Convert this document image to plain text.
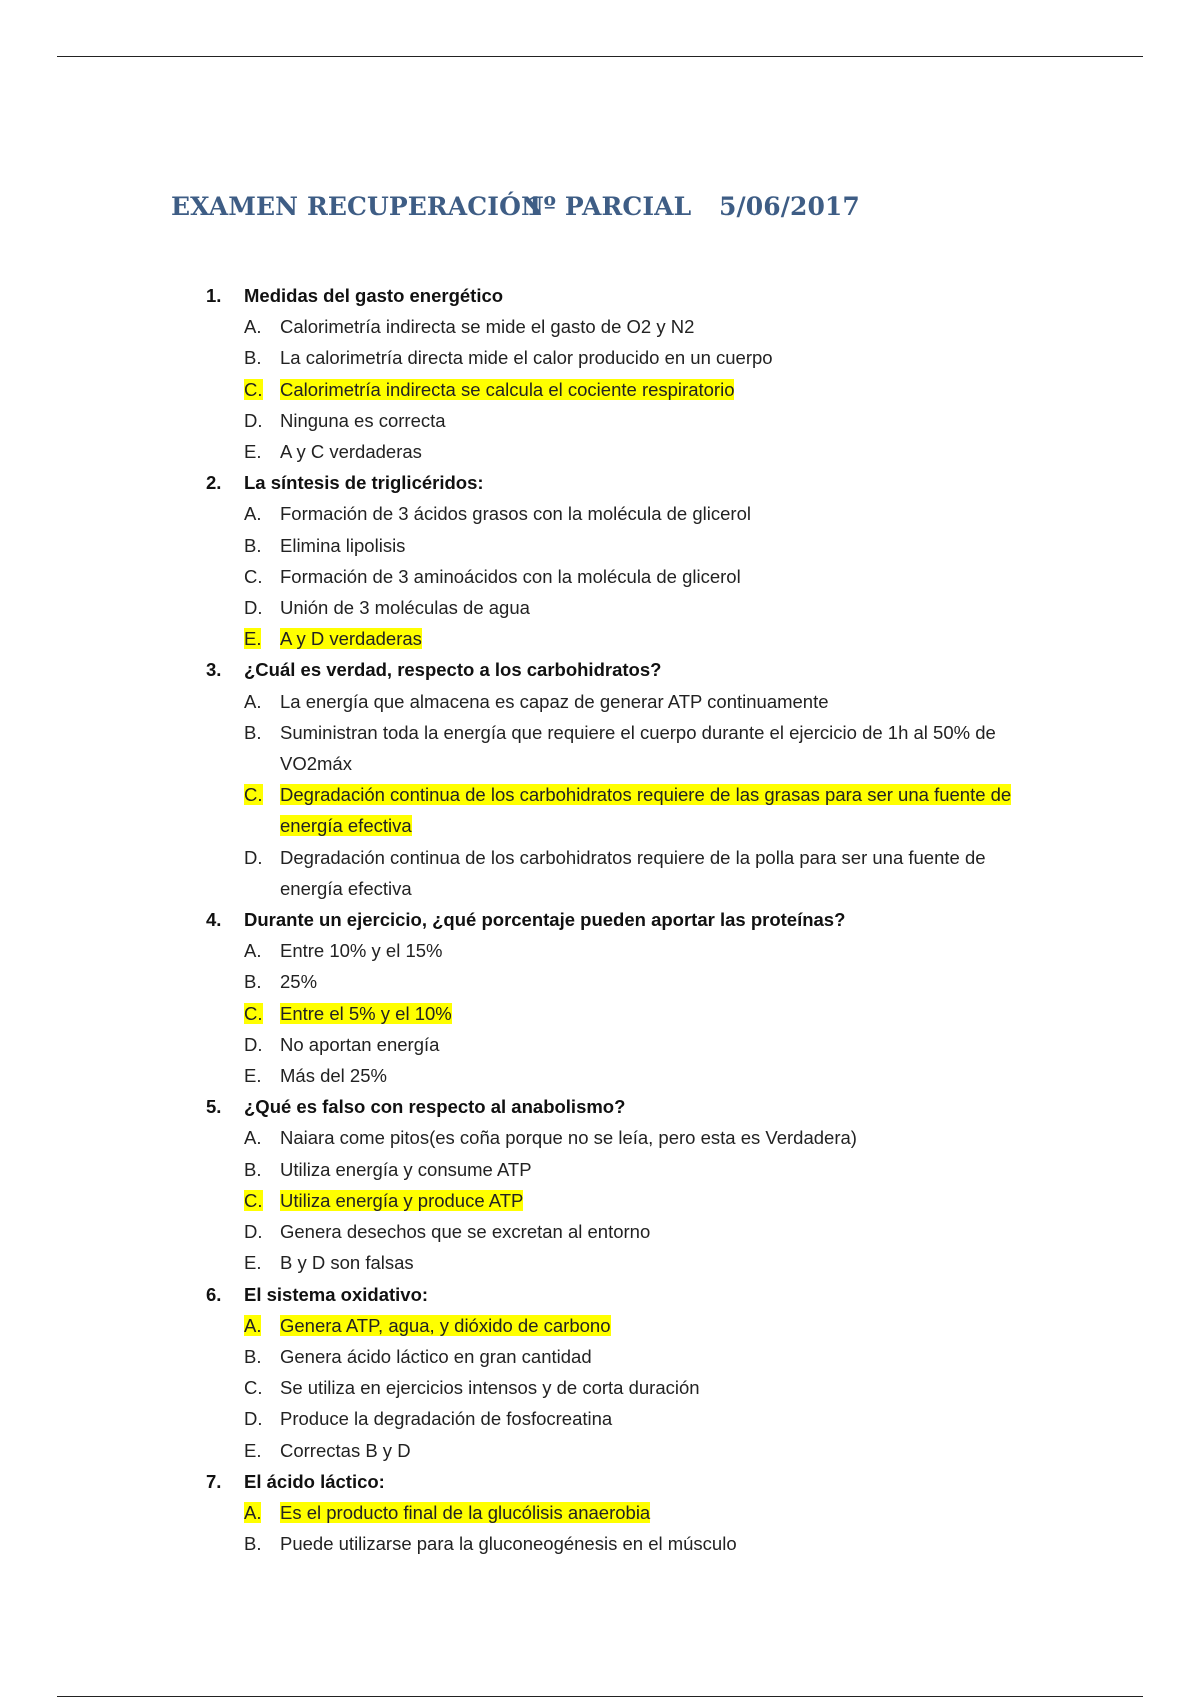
EXAMEN RECUPERACIÓN
1º PARCIAL 5/06/2017
1.	Medidas del gasto energético
A.	Calorimetría indirecta se mide el gasto de O2 y N2
B.	La calorimetría directa mide el calor producido en un cuerpo
C. Calorimetría indirecta se calcula el cociente respiratorio
D. Ninguna es correcta
E.	A y C verdaderas
2.	La síntesis de triglicéridos:
A.	Formación de 3 ácidos grasos con la molécula de glicerol
B.	Elimina lipolisis
C. Formación de 3 aminoácidos con la molécula de glicerol
D. Unión de 3 moléculas de agua
E.	A y D verdaderas
3.	¿Cuál es verdad, respecto a los carbohidratos?
A.	La energía que almacena es capaz de generar ATP continuamente
B.	Suministran toda la energía que requiere el cuerpo durante el ejercicio de 1h al 50% de VO2máx
C. Degradación continua de los carbohidratos requiere de las grasas para ser una fuente de energía efectiva
D. Degradación continua de los carbohidratos requiere de la polla para ser una fuente de energía efectiva
4.	Durante un ejercicio, ¿qué porcentaje pueden aportar las proteínas?
A.	Entre 10% y el 15%
B.	25%
C. Entre el 5% y el 10%
D. No aportan energía
E.	Más del 25%
5.	¿Qué es falso con respecto al anabolismo?
A.	Naiara come pitos(es coña porque no se leía, pero esta es Verdadera)
B.	Utiliza energía y consume ATP
C. Utiliza energía y produce ATP
D. Genera desechos que se excretan al entorno
E.	B y D son falsas
6.	El sistema oxidativo:
A.	Genera ATP, agua, y dióxido de carbono
B.	Genera ácido láctico en gran cantidad
C. Se utiliza en ejercicios intensos y de corta duración
D. Produce la degradación de fosfocreatina
E.	Correctas B y D
7.	El ácido láctico:
A.	Es el producto final de la glucólisis anaerobia
B.	Puede utilizarse para la gluconeogénesis en el músculo
